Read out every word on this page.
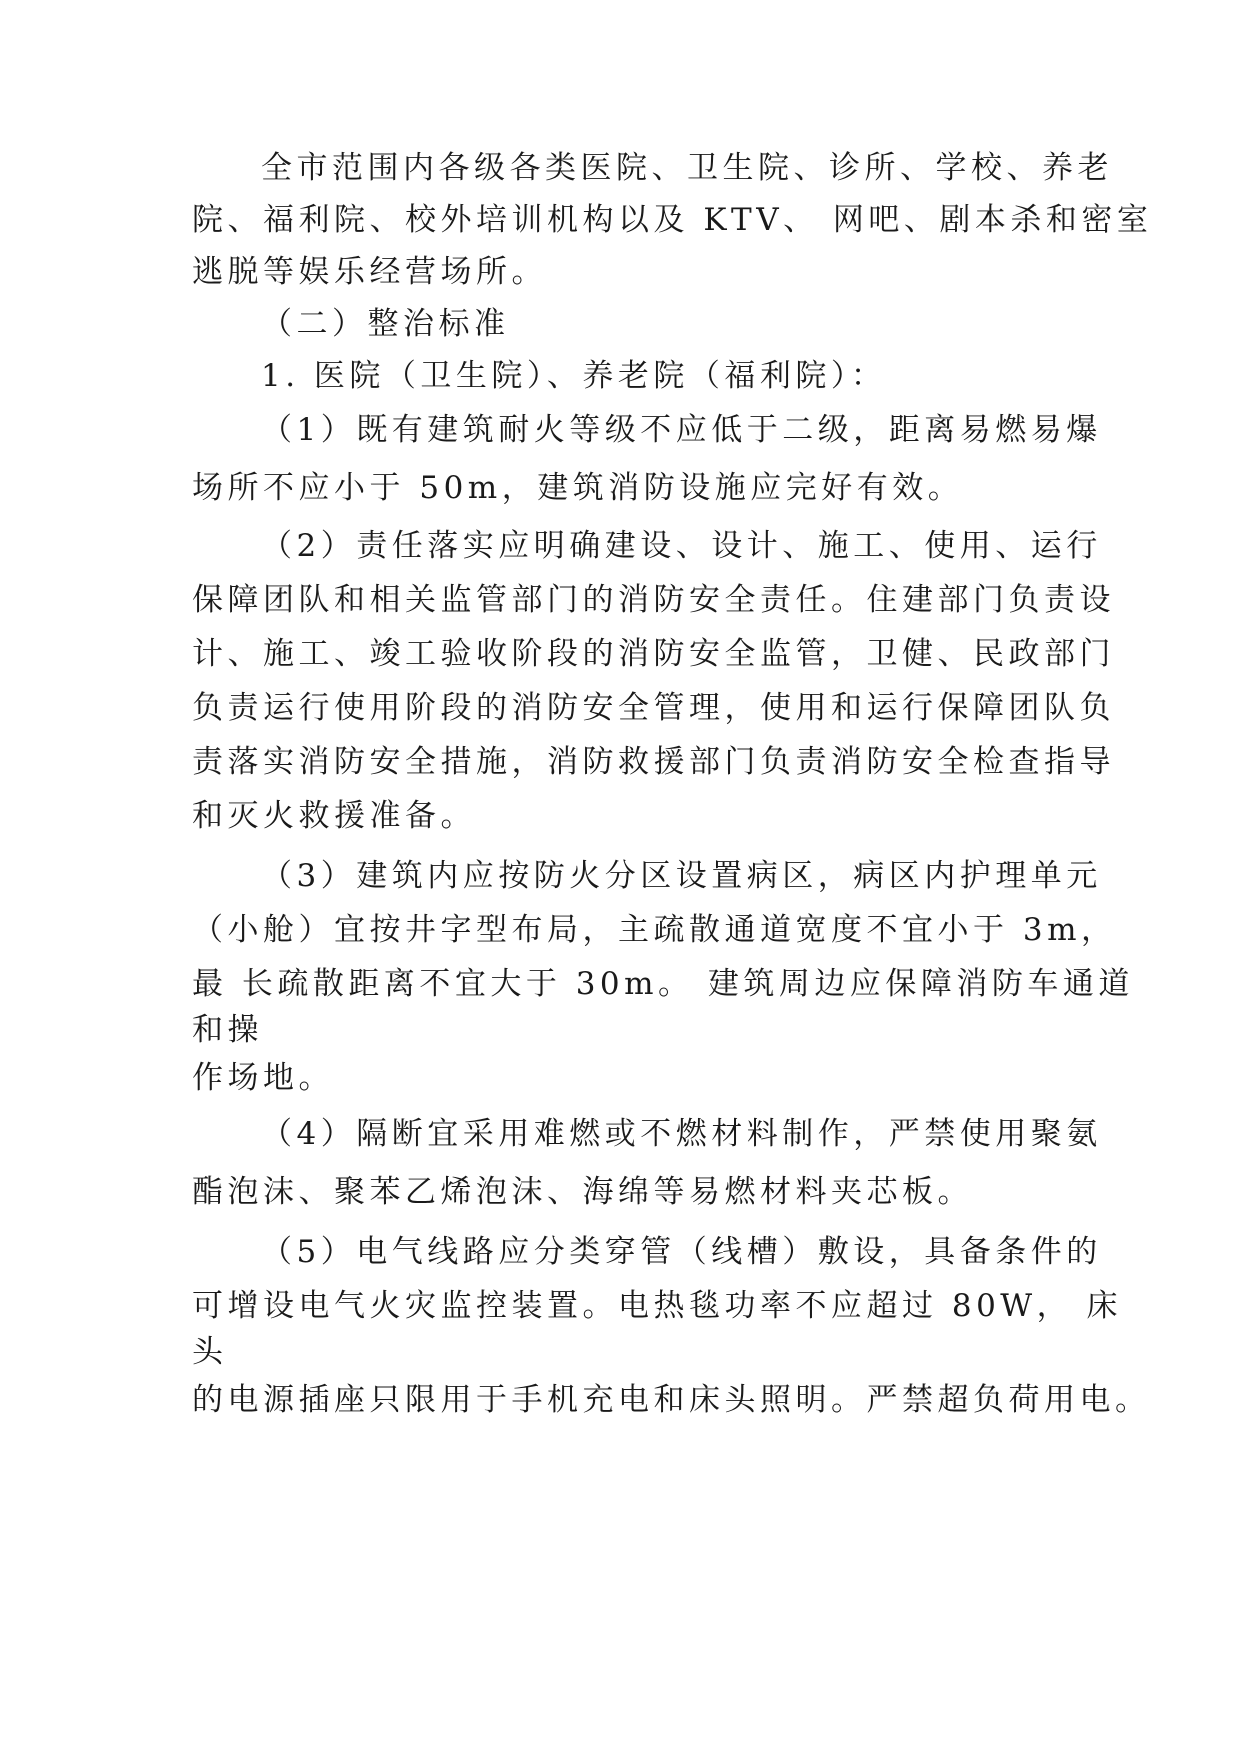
全市范围内各级各类医院、卫生院、诊所、学校、养老
院、福利院、校外培训机构以及 KTV、 网吧、剧本杀和密室
逃脱等娱乐经营场所。
（二）整治标准
1. 医院（卫生院）、养老院（福利院）：
（1）既有建筑耐火等级不应低于二级，距离易燃易爆
场所不应小于 50m，建筑消防设施应完好有效。
（2）责任落实应明确建设、设计、施工、使用、运行
保障团队和相关监管部门的消防安全责任。住建部门负责设
计、施工、竣工验收阶段的消防安全监管，卫健、民政部门
负责运行使用阶段的消防安全管理，使用和运行保障团队负
责落实消防安全措施，消防救援部门负责消防安全检查指导
和灭火救援准备。
（3）建筑内应按防火分区设置病区，病区内护理单元
（小舱）宜按井字型布局，主疏散通道宽度不宜小于 3m，
最 长疏散距离不宜大于 30m。 建筑周边应保障消防车通道
和操
作场地。
（4）隔断宜采用难燃或不燃材料制作，严禁使用聚氨
酯泡沫、聚苯乙烯泡沫、海绵等易燃材料夹芯板。
（5）电气线路应分类穿管（线槽）敷设，具备条件的
可增设电气火灾监控装置。电热毯功率不应超过 80W， 床
头
的电源插座只限用于手机充电和床头照明。严禁超负荷用电。
